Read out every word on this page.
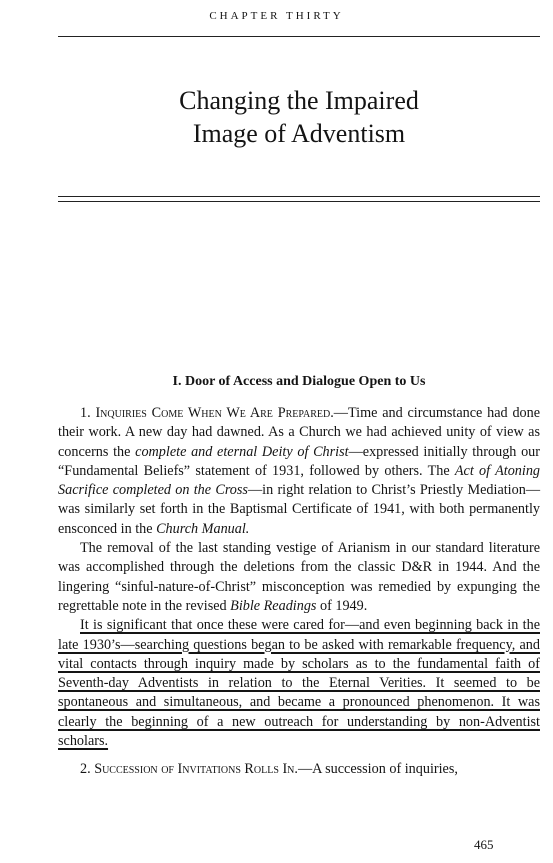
CHAPTER THIRTY
Changing the Impaired
Image of Adventism
I. Door of Access and Dialogue Open to Us

1. Inquiries Come When We Are Prepared.—Time and circumstance had done their work. A new day had dawned. As a Church we had achieved unity of view as concerns the complete and eternal Deity of Christ—expressed initially through our “Fundamental Beliefs” statement of 1931, followed by others. The Act of Atoning Sacrifice completed on the Cross—in right relation to Christ’s Priestly Mediation—was similarly set forth in the Baptismal Certificate of 1941, with both permanently ensconced in the Church Manual.

The removal of the last standing vestige of Arianism in our standard literature was accomplished through the deletions from the classic D&R in 1944. And the lingering “sinful-nature-of-Christ” misconception was remedied by expunging the regrettable note in the revised Bible Readings of 1949.

It is significant that once these were cared for—and even beginning back in the late 1930’s—searching questions began to be asked with remarkable frequency, and vital contacts through inquiry made by scholars as to the fundamental faith of Seventh-day Adventists in relation to the Eternal Verities. It seemed to be spontaneous and simultaneous, and became a pronounced phenomenon. It was clearly the beginning of a new outreach for understanding by non-Adventist scholars.

2. Succession of Invitations Rolls In.—A succession of inquiries,

465
